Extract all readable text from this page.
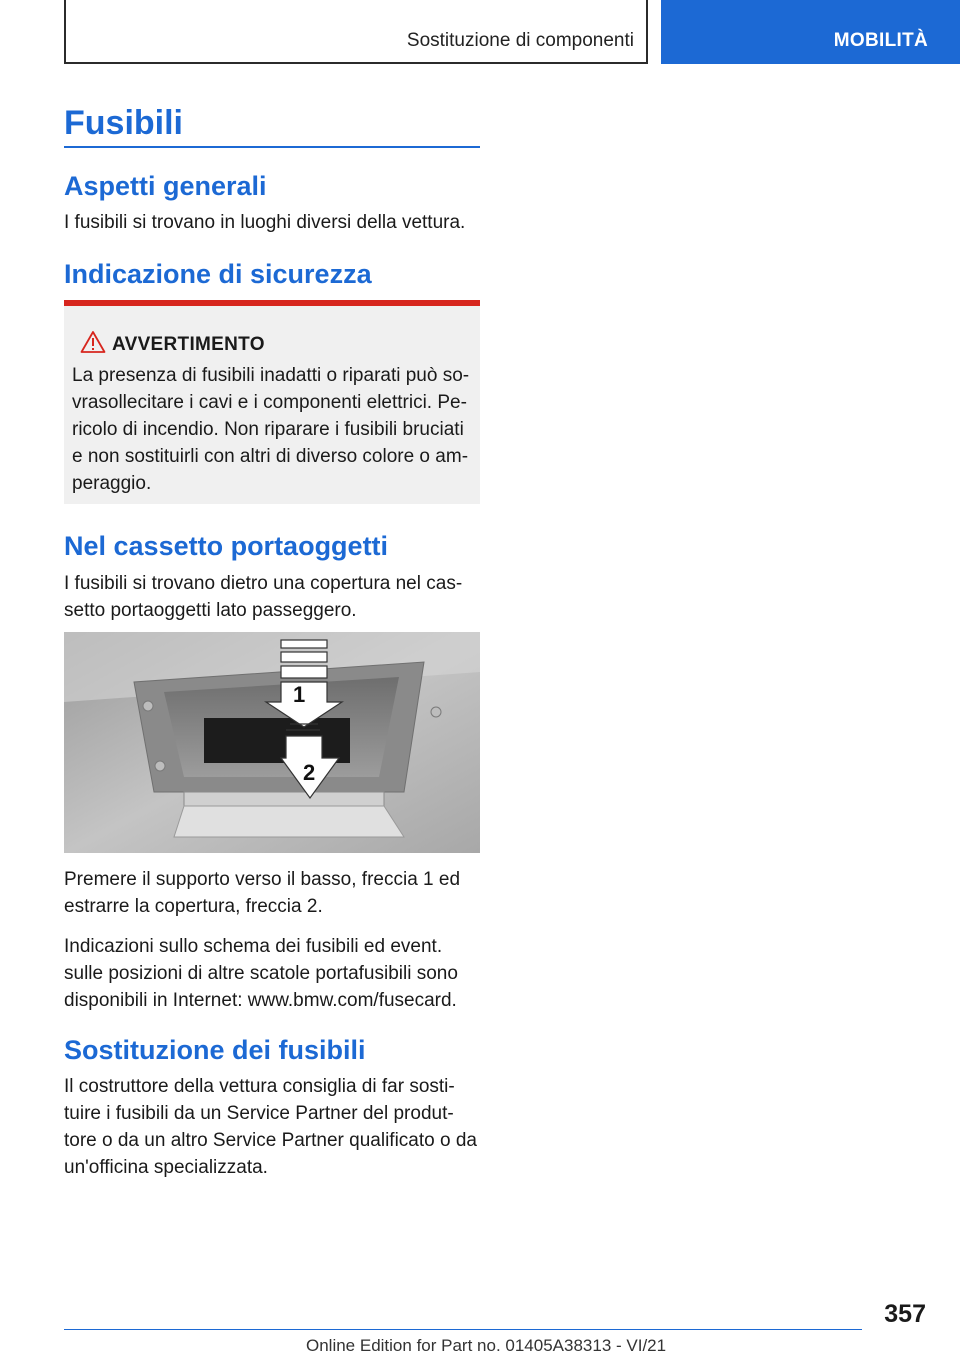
Sostituzione di componenti	MOBILITÀ
Fusibili
Aspetti generali

I fusibili si trovano in luoghi diversi della vettura.

Indicazione di sicurezza
AVVERTIMENTO
La presenza di fusibili inadatti o riparati può sovrasollecitare i cavi e i componenti elettrici. Pericolo di incendio. Non riparare i fusibili bruciati e non sostituirli con altri di diverso colore o amperaggio.
Nel cassetto portaoggetti

I fusibili si trovano dietro una copertura nel cassetto portaoggetti lato passeggero.

1
2

Premere il supporto verso il basso, freccia 1 ed estrarre la copertura, freccia 2.

Indicazioni sullo schema dei fusibili ed event. sulle posizioni di altre scatole portafusibili sono disponibili in Internet: www.bmw.com/fusecard.

Sostituzione dei fusibili

Il costruttore della vettura consiglia di far sostituire i fusibili da un Service Partner del produttore o da un altro Service Partner qualificato o da un'officina specializzata.

357
Online Edition for Part no. 01405A38313 - VI/21
